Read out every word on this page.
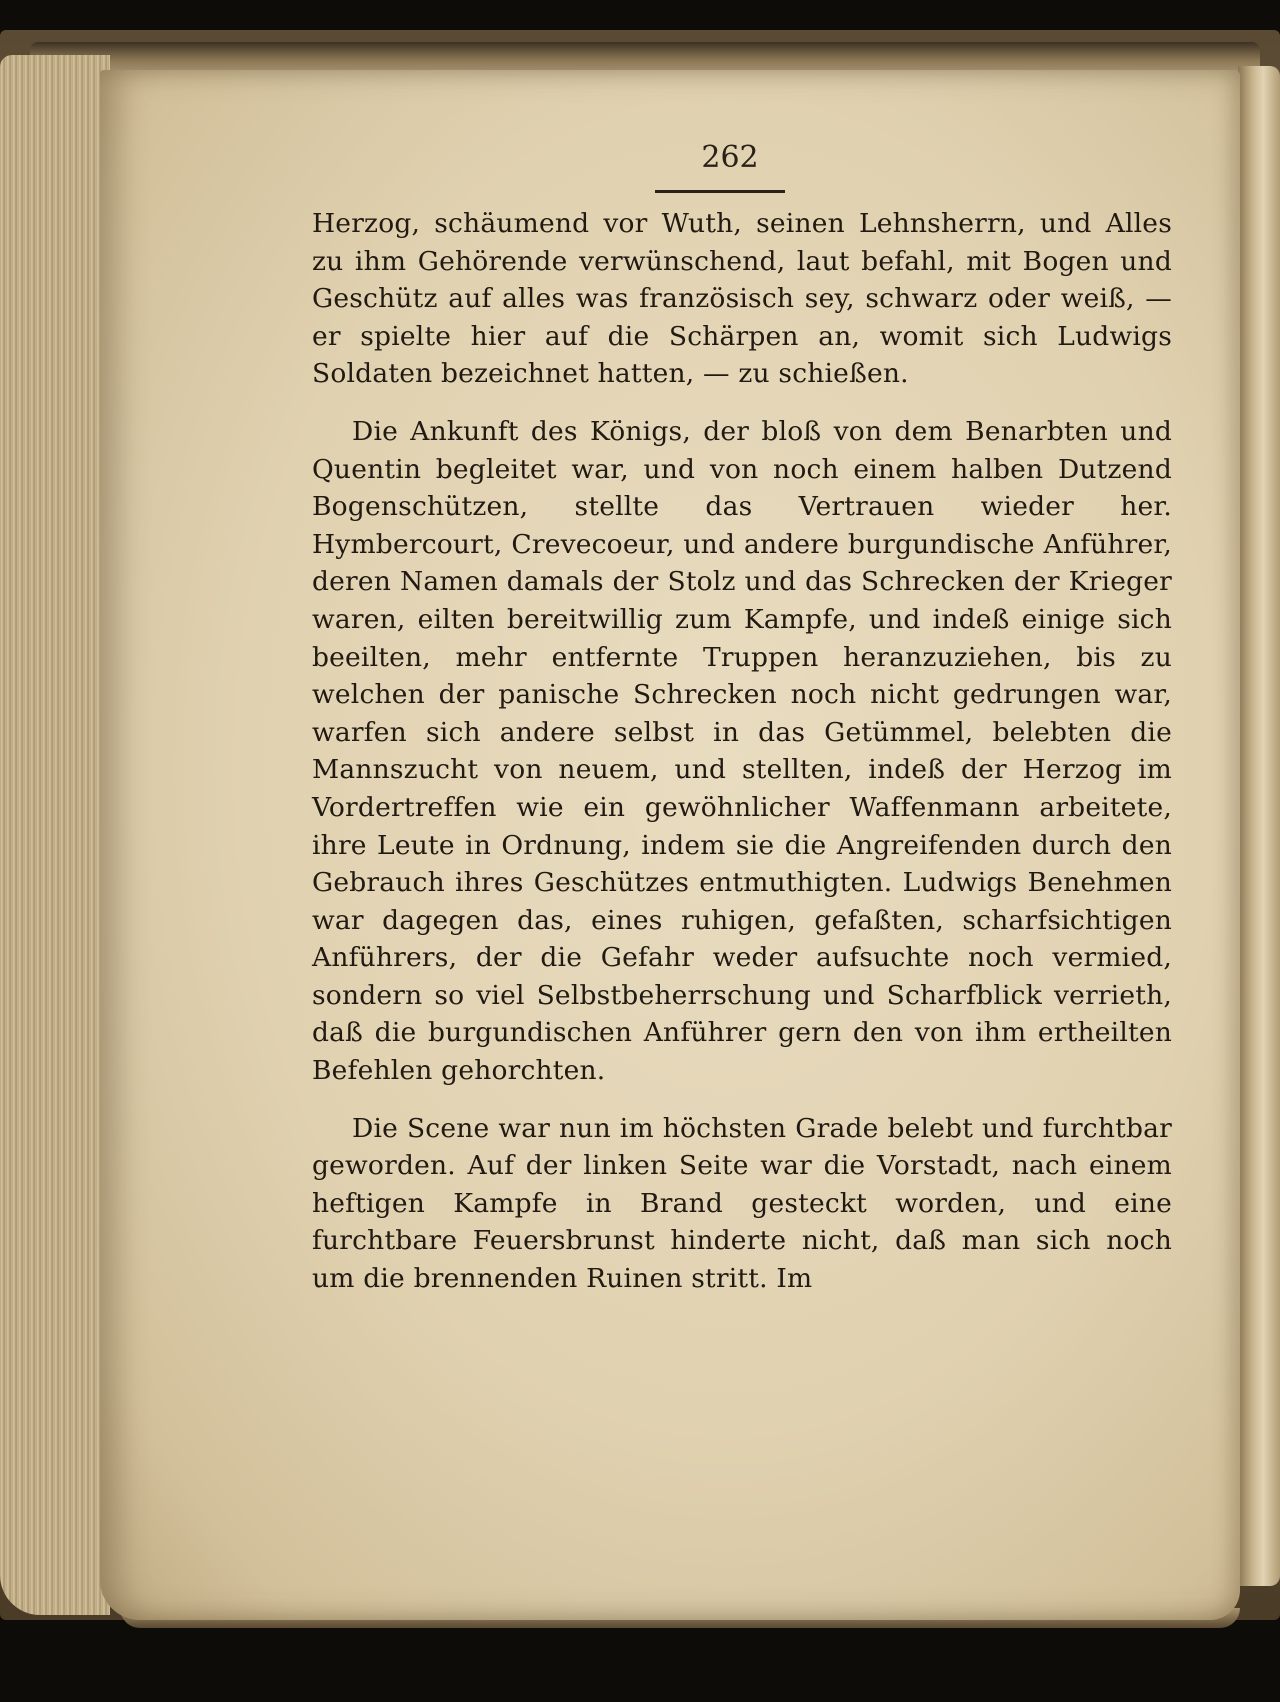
262

Herzog, schäumend vor Wuth, seinen Lehnsherrn, und Alles zu ihm Gehörende verwünschend, laut befahl, mit Bogen und Geschütz auf alles was französisch sey, schwarz oder weiß, — er spielte hier auf die Schärpen an, womit sich Ludwigs Soldaten bezeichnet hatten, — zu schießen.

Die Ankunft des Königs, der bloß von dem Benarbten und Quentin begleitet war, und von noch einem halben Dutzend Bogenschützen, stellte das Vertrauen wieder her. Hymbercourt, Crevecoeur, und andere burgundische Anführer, deren Namen damals der Stolz und das Schrecken der Krieger waren, eilten bereitwillig zum Kampfe, und indeß einige sich beeilten, mehr entfernte Truppen heranzuziehen, bis zu welchen der panische Schrecken noch nicht gedrungen war, warfen sich andere selbst in das Getümmel, belebten die Mannszucht von neuem, und stellten, indeß der Herzog im Vordertreffen wie ein gewöhnlicher Waffenmann arbeitete, ihre Leute in Ordnung, indem sie die Angreifenden durch den Gebrauch ihres Geschützes entmuthigten. Ludwigs Benehmen war dagegen das, eines ruhigen, gefaßten, scharfsichtigen Anführers, der die Gefahr weder aufsuchte noch vermied, sondern so viel Selbstbeherrschung und Scharfblick verrieth, daß die burgundischen Anführer gern den von ihm ertheilten Befehlen gehorchten.

Die Scene war nun im höchsten Grade belebt und furchtbar geworden. Auf der linken Seite war die Vorstadt, nach einem heftigen Kampfe in Brand gesteckt worden, und eine furchtbare Feuersbrunst hinderte nicht, daß man sich noch um die brennenden Ruinen stritt. Im
